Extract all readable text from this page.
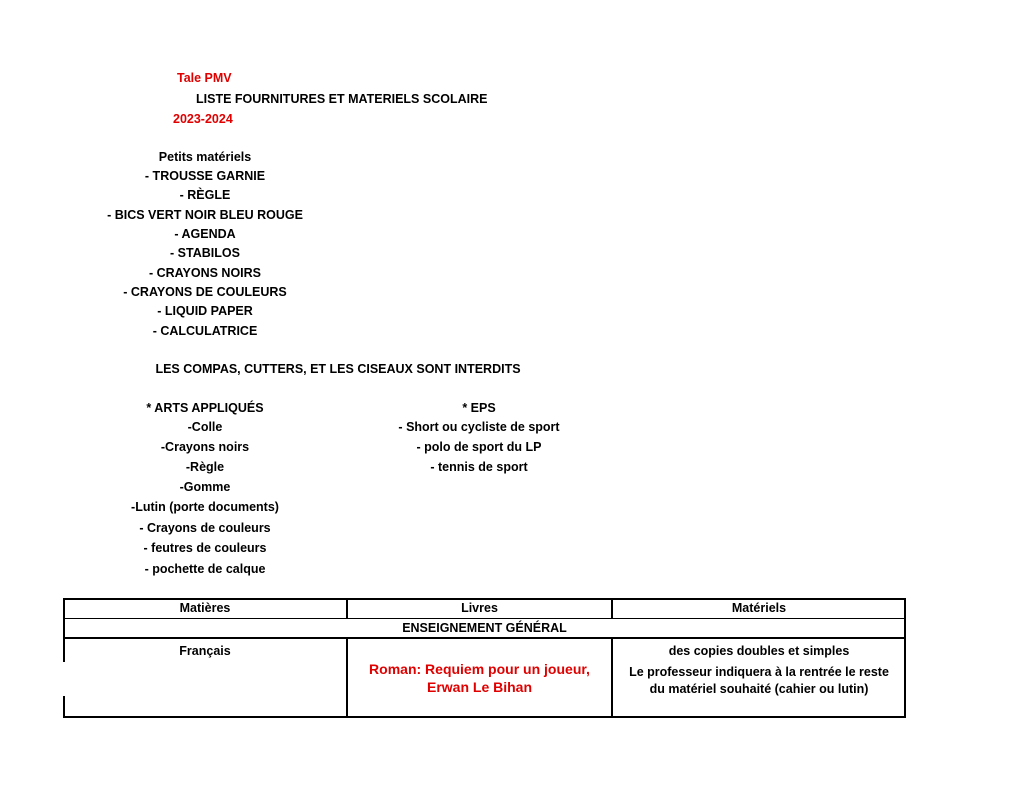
Tale PMV
LISTE FOURNITURES ET MATERIELS SCOLAIRE
2023-2024
Petits matériels
- TROUSSE GARNIE
- RÈGLE
- BICS VERT NOIR BLEU ROUGE
- AGENDA
- STABILOS
- CRAYONS NOIRS
- CRAYONS DE COULEURS
- LIQUID PAPER
- CALCULATRICE
LES COMPAS, CUTTERS, ET LES CISEAUX SONT INTERDITS
* ARTS APPLIQUÉS
-Colle
-Crayons noirs
-Règle
-Gomme
-Lutin (porte documents)
- Crayons de couleurs
- feutres de couleurs
- pochette de calque
* EPS
- Short ou cycliste de sport
- polo de sport du LP
- tennis de sport
Matières	Livres	Matériels
ENSEIGNEMENT GÉNÉRAL
Français
Roman: Requiem pour un joueur,
Erwan Le Bihan
des copies doubles et simples
Le professeur indiquera à la rentrée le reste
du matériel souhaité (cahier ou lutin)
